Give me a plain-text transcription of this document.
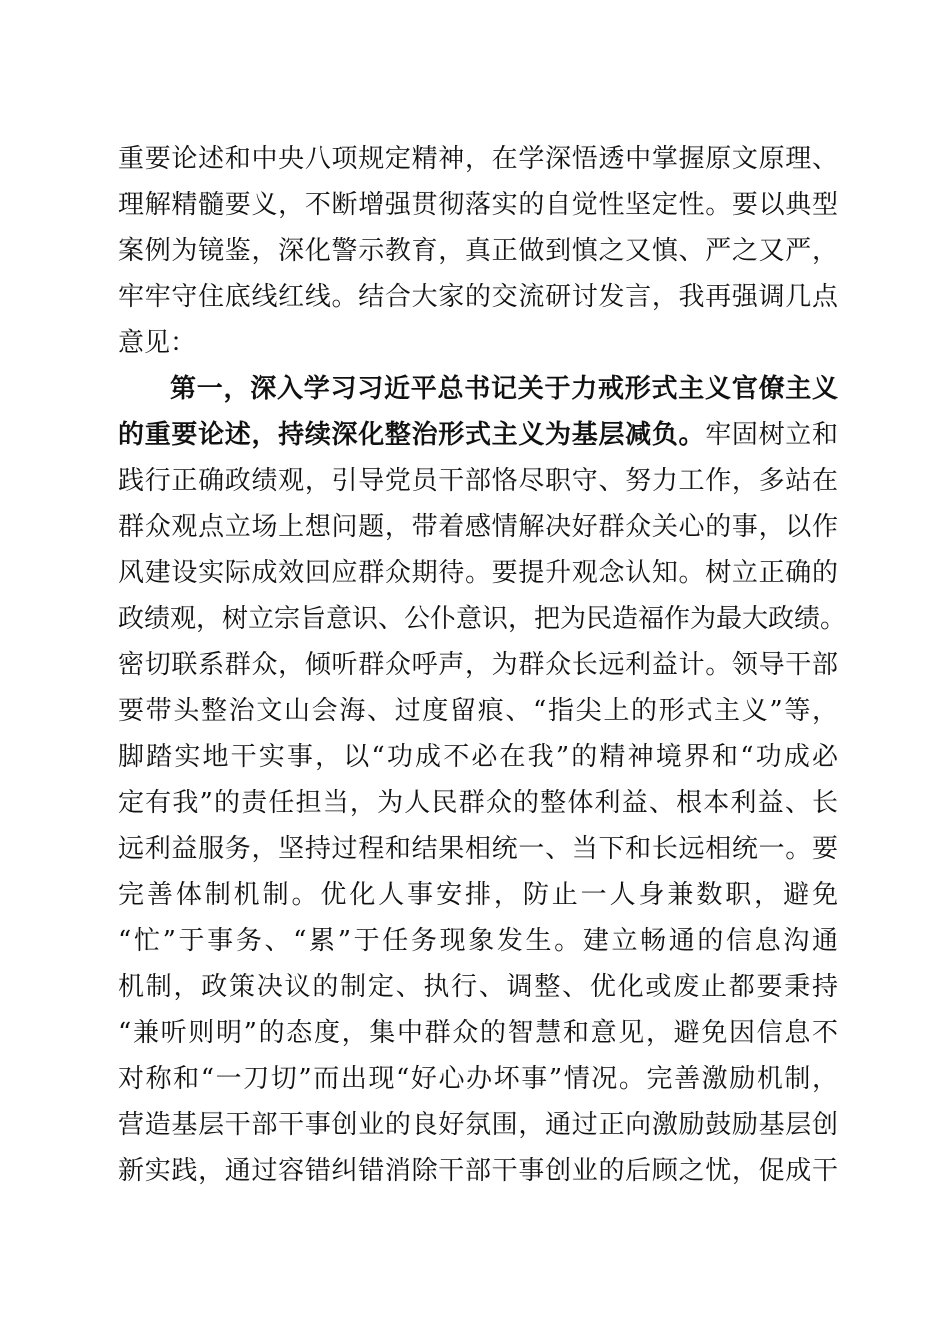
重要论述和中央八项规定精神，在学深悟透中掌握原文原理、
理解精髓要义，不断增强贯彻落实的自觉性坚定性。要以典型
案例为镜鉴，深化警示教育，真正做到慎之又慎、严之又严，
牢牢守住底线红线。结合大家的交流研讨发言，我再强调几点
意见：
第一，深入学习习近平总书记关于力戒形式主义官僚主义
的重要论述，持续深化整治形式主义为基层减负。牢固树立和
践行正确政绩观，引导党员干部恪尽职守、努力工作，多站在
群众观点立场上想问题，带着感情解决好群众关心的事，以作
风建设实际成效回应群众期待。要提升观念认知。树立正确的
政绩观，树立宗旨意识、公仆意识，把为民造福作为最大政绩。
密切联系群众，倾听群众呼声，为群众长远利益计。领导干部
要带头整治文山会海、过度留痕、“指尖上的形式主义”等，
脚踏实地干实事，以“功成不必在我”的精神境界和“功成必
定有我”的责任担当，为人民群众的整体利益、根本利益、长
远利益服务，坚持过程和结果相统一、当下和长远相统一。要
完善体制机制。优化人事安排，防止一人身兼数职，避免
“忙”于事务、“累”于任务现象发生。建立畅通的信息沟通
机制，政策决议的制定、执行、调整、优化或废止都要秉持
“兼听则明”的态度，集中群众的智慧和意见，避免因信息不
对称和“一刀切”而出现“好心办坏事”情况。完善激励机制，
营造基层干部干事创业的良好氛围，通过正向激励鼓励基层创
新实践，通过容错纠错消除干部干事创业的后顾之忧，促成干
